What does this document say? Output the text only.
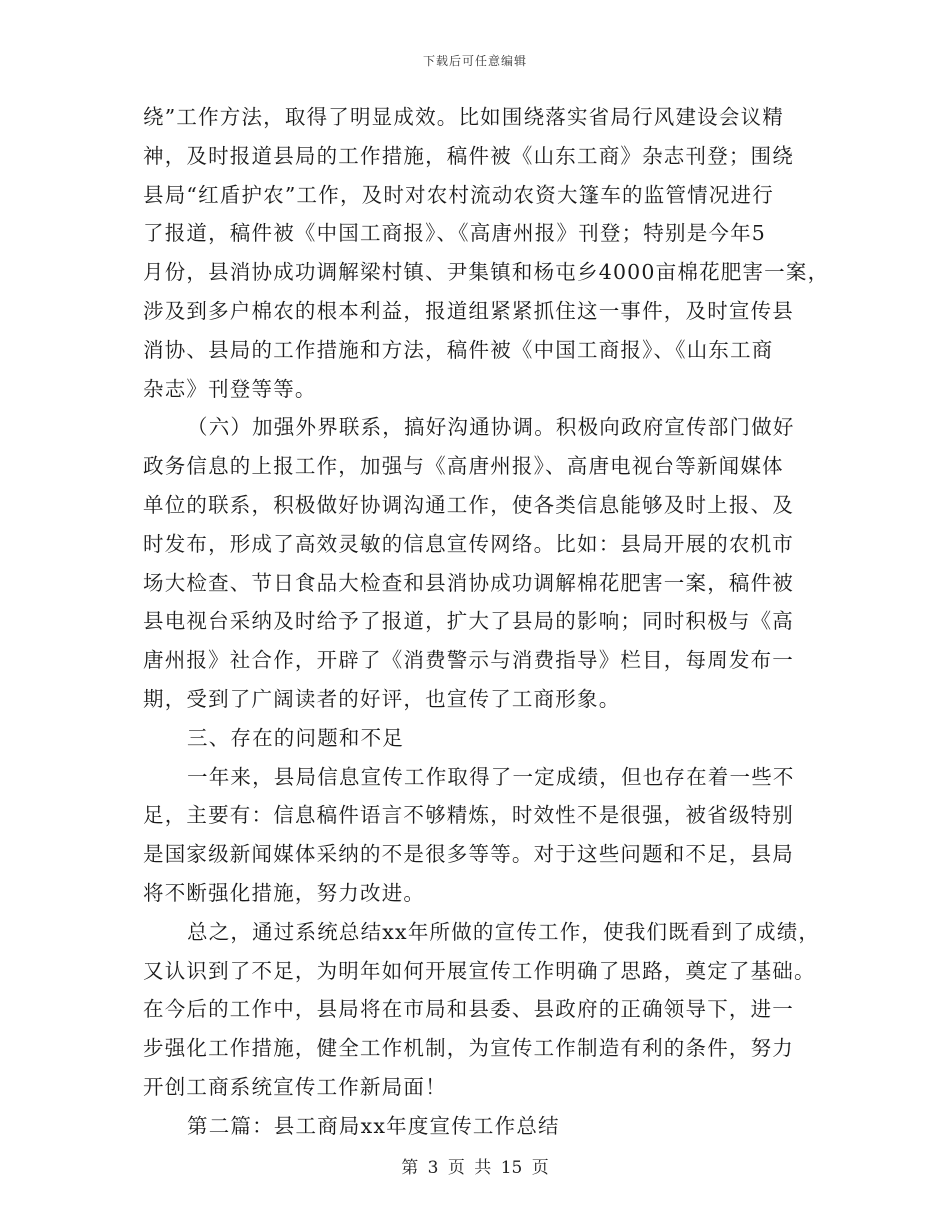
下载后可任意编辑
绕”工作方法，取得了明显成效。比如围绕落实省局行风建设会议精
神，及时报道县局的工作措施，稿件被《山东工商》杂志刊登；围绕
县局“红盾护农”工作，及时对农村流动农资大篷车的监管情况进行
了报道，稿件被《中国工商报》、《高唐州报》刊登；特别是今年5
月份，县消协成功调解梁村镇、尹集镇和杨屯乡4000亩棉花肥害一案，
涉及到多户棉农的根本利益，报道组紧紧抓住这一事件，及时宣传县
消协、县局的工作措施和方法，稿件被《中国工商报》、《山东工商
杂志》刊登等等。
（六）加强外界联系，搞好沟通协调。积极向政府宣传部门做好
政务信息的上报工作，加强与《高唐州报》、高唐电视台等新闻媒体
单位的联系，积极做好协调沟通工作，使各类信息能够及时上报、及
时发布，形成了高效灵敏的信息宣传网络。比如：县局开展的农机市
场大检查、节日食品大检查和县消协成功调解棉花肥害一案，稿件被
县电视台采纳及时给予了报道，扩大了县局的影响；同时积极与《高
唐州报》社合作，开辟了《消费警示与消费指导》栏目，每周发布一
期，受到了广阔读者的好评，也宣传了工商形象。
三、存在的问题和不足
一年来，县局信息宣传工作取得了一定成绩，但也存在着一些不
足，主要有：信息稿件语言不够精炼，时效性不是很强，被省级特别
是国家级新闻媒体采纳的不是很多等等。对于这些问题和不足，县局
将不断强化措施，努力改进。
总之，通过系统总结xx年所做的宣传工作，使我们既看到了成绩，
又认识到了不足，为明年如何开展宣传工作明确了思路，奠定了基础。
在今后的工作中，县局将在市局和县委、县政府的正确领导下，进一
步强化工作措施，健全工作机制，为宣传工作制造有利的条件，努力
开创工商系统宣传工作新局面！
第二篇：县工商局xx年度宣传工作总结
第 3 页 共 15 页
